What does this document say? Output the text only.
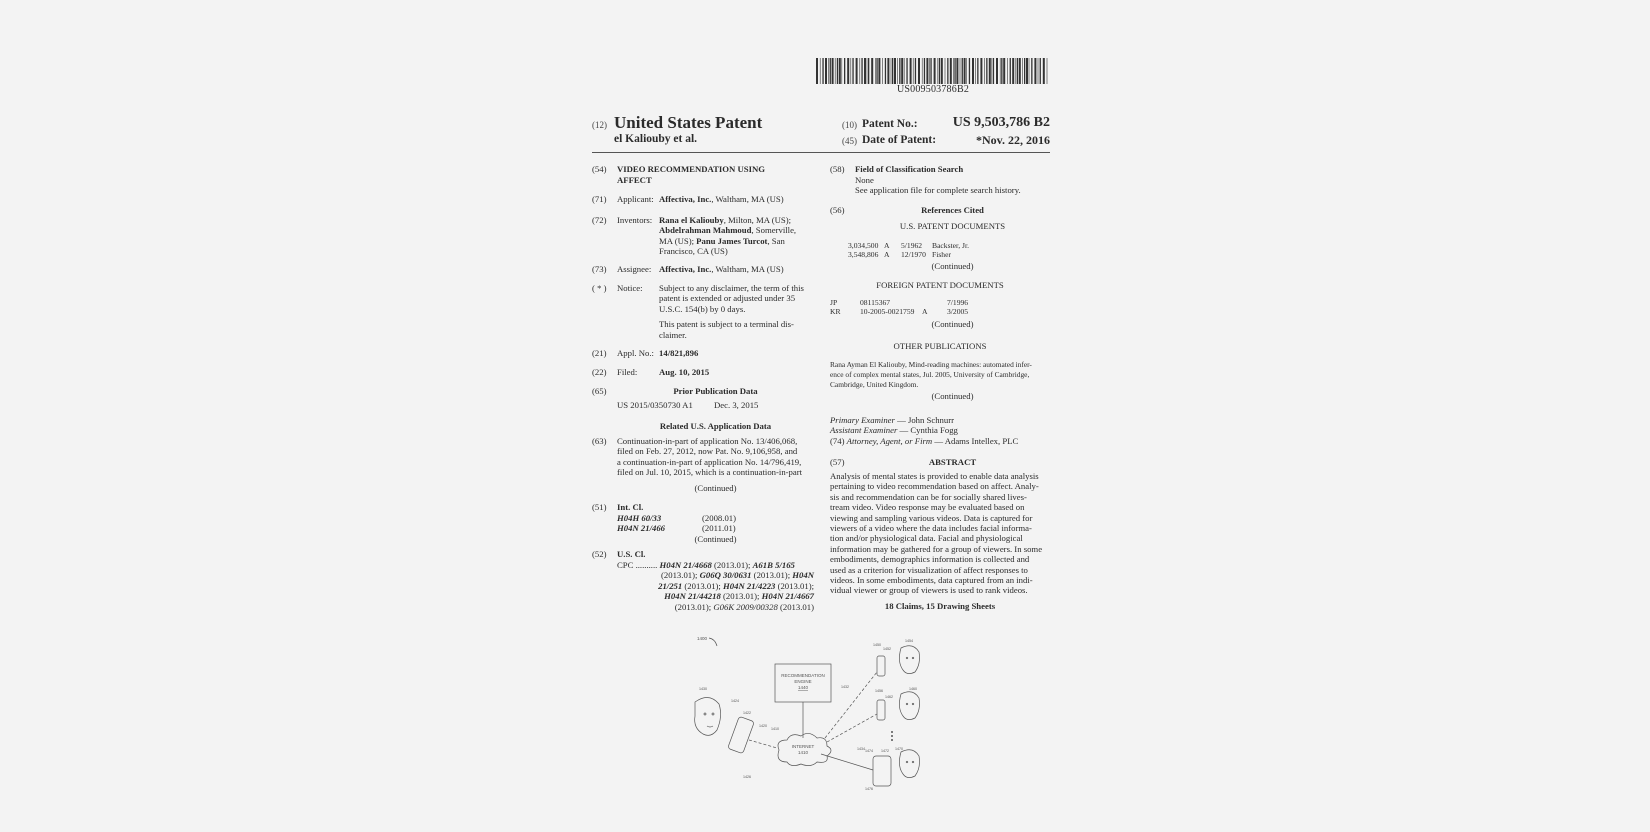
US009503786B2
(12) United States Patent
el Kaliouby et al.
(10) Patent No.:	US 9,503,786 B2
(45) Date of Patent:	*Nov. 22, 2016
(54) VIDEO RECOMMENDATION USING
AFFECT
(71) Applicant: Affectiva, Inc., Waltham, MA (US)
(72) Inventors: Rana el Kaliouby, Milton, MA (US);
Abdelrahman Mahmoud, Somerville,
MA (US); Panu James Turcot, San
Francisco, CA (US)
(73) Assignee: Affectiva, Inc., Waltham, MA (US)
( * ) Notice: Subject to any disclaimer, the term of this
patent is extended or adjusted under 35
U.S.C. 154(b) by 0 days.
This patent is subject to a terminal dis-
claimer.
(21) Appl. No.: 14/821,896
(22) Filed: Aug. 10, 2015
(65)	Prior Publication Data
US 2015/0350730 A1 Dec. 3, 2015
Related U.S. Application Data
(63) Continuation-in-part of application No. 13/406,068,
filed on Feb. 27, 2012, now Pat. No. 9,106,958, and
a continuation-in-part of application No. 14/796,419,
filed on Jul. 10, 2015, which is a continuation-in-part
(Continued)
(51) Int. Cl.
H04H 60/33	(2008.01)
H04N 21/466	(2011.01)
(Continued)
(52) U.S. Cl.
CPC .......... H04N 21/4668 (2013.01); A61B 5/165
(2013.01); G06Q 30/0631 (2013.01); H04N
21/251 (2013.01); H04N 21/4223 (2013.01);
H04N 21/44218 (2013.01); H04N 21/4667
(2013.01); G06K 2009/00328 (2013.01)
(58) Field of Classification Search
None
See application file for complete search history.
(56)	References Cited
U.S. PATENT DOCUMENTS
3,034,500 A 5/1962 Backster, Jr.
3,548,806 A 12/1970 Fisher
(Continued)
FOREIGN PATENT DOCUMENTS
JP	08115367	7/1996
KR	10-2005-0021759 A	3/2005
(Continued)
OTHER PUBLICATIONS
Rana Ayman El Kaliouby, Mind-reading machines: automated infer-
ence of complex mental states, Jul. 2005, University of Cambridge,
Cambridge, United Kingdom.
(Continued)
Primary Examiner — John Schnurr
Assistant Examiner — Cynthia Fogg
(74) Attorney, Agent, or Firm — Adams Intellex, PLC
(57)	ABSTRACT
Analysis of mental states is provided to enable data analysis
pertaining to video recommendation based on affect. Analy-
sis and recommendation can be for socially shared lives-
tream video. Video response may be evaluated based on
viewing and sampling various videos. Data is captured for
viewers of a video where the data includes facial informa-
tion and/or physiological data. Facial and physiological
information may be gathered for a group of viewers. In some
embodiments, demographics information is collected and
used as a criterion for visualization of affect responses to
videos. In some embodiments, data captured from an indi-
vidual viewer or group of viewers is used to rank videos.
18 Claims, 15 Drawing Sheets
1400
RECOMMENDATION
ENGINE
1440
INTERNET
1410
1450
1452
1454
1456	1460
1462
1470
1472
1474
1476
1420
1422
1424
1426
1430	1432
1434
1410
